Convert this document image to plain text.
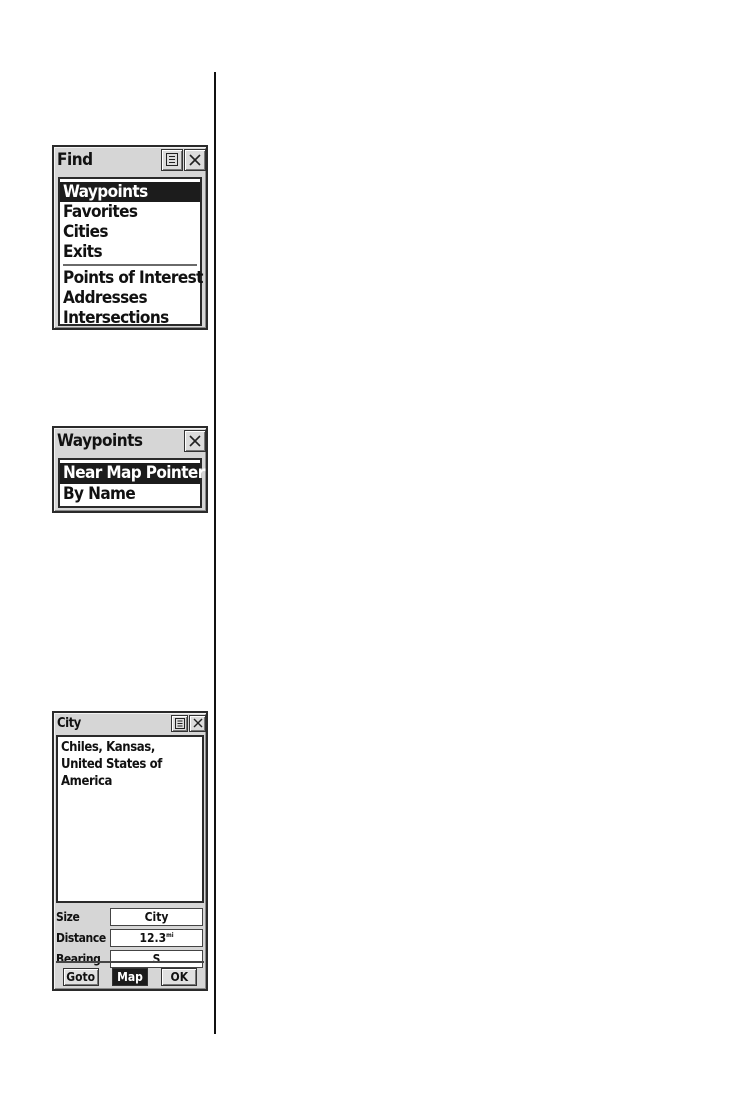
Find
Waypoints
Favorites
Cities
Exits
Points of Interest
Addresses
Intersections
Waypoints
Near Map Pointer
By Name
City
Chiles, Kansas, United States of America
Size	City
Distance	$12.3^{mi}$
Bearing	S
Goto	Map	OK
